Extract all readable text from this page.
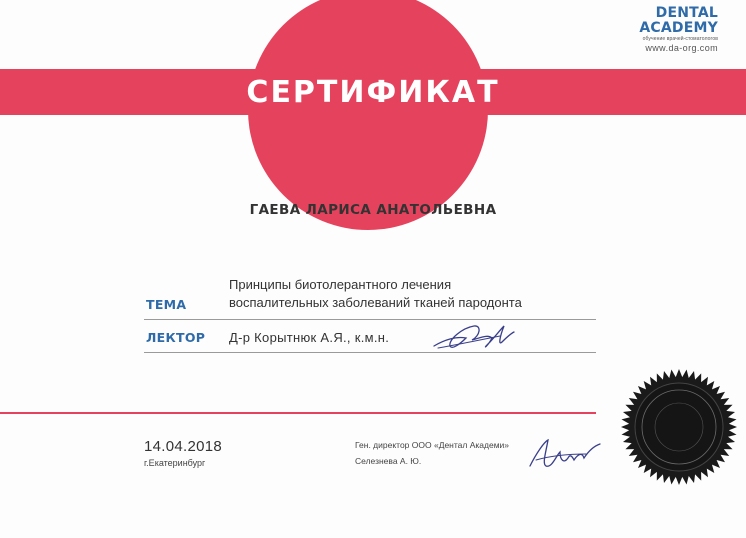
DENTAL
ACADEMY
обучение врачей-стоматологов
www.da-org.com
СЕРТИФИКАТ
ГАЕВА ЛАРИСА АНАТОЛЬЕВНА
Принципы биотолерантного лечения
воспалительных заболеваний тканей пародонта
ТЕМА
ЛЕКТОР Д-р Корытнюк А.Я., к.м.н.
14.04.2018
г.Екатеринбург
Ген. директор ООО «Дентал Академи»
Селезнева А. Ю.
